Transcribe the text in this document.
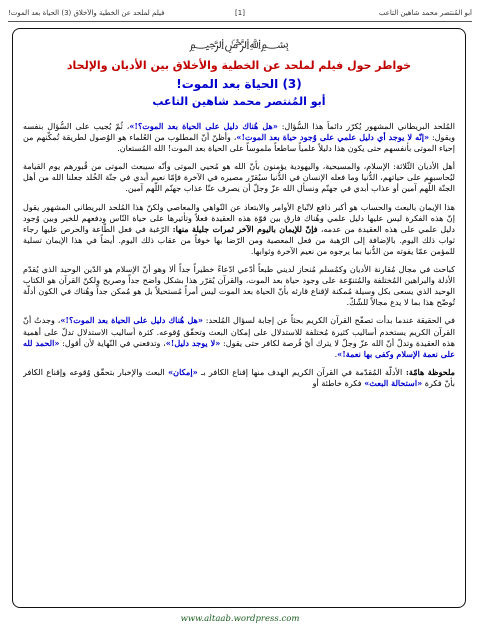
أبو المُنتصر محمد شاهين التاعب
[1]
فيلم لملحد عن الخطية والأخلاق (3) الحياة بعد الموت!
﷽
خواطر حول فيلم لملحد عن الخطية والأخلاق بين الأديان والإلحاد
(3) الحياة بعد الموت!
أبو المُنتصر محمد شاهين التاعب

المُلحد البريطاني المشهور يُكرّر دائماً هذا السُّؤال: «هل هُناك دليل على الحياة بعد الموت؟!»، ثُمّ يُجيب على السُّؤال بنفسه ويقول: «إنّه لا يوجد أي دليل علمي على وُجود حياة بعد الموت!»، وأظنّ أنّ المطلوب من العُلماء هو الوُصول لطريقة تُمكّنهم من إحياء الموتى بأنفسهم حتى يكون هذا دليلاً علمياً ساطعاً ملموساً على الحياة بعد الموت! الله المُستعان.

أهل الأديان الثّلاثة: الإسلام، والمسيحية، واليهودية يؤمنون بأنّ الله هو مُحيي الموتى وأنّه سيبعث الموتى من قُبورهم يوم القيامة ليُحاسبهم على حياتهم، الدُّنيا وما فعله الإنسان في الدُّنيا سيُقرّر مصيره في الآخرة فإمّا نعيم أبدي في جنّة الخُلد جعلنا الله من أهل الجنّة اللّهم آمين أو عذاب أبدي في جهنّم ونسأل الله عزّ وجلّ أن يصرف عنّا عذاب جهنّم اللّهم آمين.

هذا الإيمان بالبعث والحساب هو أكبر دافع لاتّباع الأوامر والابتعاد عن النّواهي والمعاصي ولكنّ هذا المُلحد البريطاني المشهور يقول إنّ هذه الفكرة ليس عليها دليل علمي وهُناك فارق بين قوّة هذه العقيدة فعلاً وتأثيرها على حياة النّاس ودفعهم للخير وبين وُجود دليل علمي على هذه العقيدة من عدمه، فإنّ للإيمان باليوم الآخر ثمرات جليلة منها: الرّغبة في فعل الطّاعة والحرص عليها رجاء ثواب ذلك اليوم. بالإضافة إلى الرّهبة من فعل المعصية ومن الرّضا بها خوفاً من عقاب ذلك اليوم. أيضاً في هذا الإيمان تسلية للمؤمن عمّا يفوته من الدُّنيا بما يرجوه من نعيم الآخرة وثوابها.

كباحث في مجال مُقارنة الأديان وكمُسلم مُنحاز لديني طبعاً أدّعي ادّعاءً خطيراً جداً ألا وهو أنّ الإسلام هو الدّين الوحيد الذي يُقدّم الأدلة والبراهين المُختلفة والمُتنوّعة على وجود حياة بعد الموت، والقرآن يُقرّر هذا بشكل واضح جداً وصريح ولكنّ القرآن هو الكتاب الوحيد الذي يسعى بكل وسيلة مُمكنة لإقناع قارئه بأنّ الحياة بعد الموت ليس أمراً مُستحيلاً بل هو مُمكن جداً وهُناك في الكون أدلّة تُوضّح هذا بما لا يدع مجالاً للشّكّ.

في الحقيقة عندما بدأت تصفّح القرآن الكريم بحثاً عن إجابة لسؤال المُلحد: «هل هُناك دليل على الحياة بعد الموت؟!»، وجدتُ أنّ القرآن الكريم يستخدم أساليب كثيرة مُختلفة للاستدلال على إمكان البعث وتحقّق وُقوعه. كثرة أساليب الاستدلال تدلّ على أهمية هذه العقيدة وتدلّ أنّ الله عزّ وجلّ لا يترك أيّ فُرصة لكافر حتى يقول: «لا يوجد دليل!»، وتدفعني في النّهاية لأن أقول: «الحمد لله على نعمة الإسلام وكفى بها نعمة!».

ملحوظة هامّة: الأدلّة المُقدّمة في القرآن الكريم الهدف منها إقناع الكافر بـ «إمكان» البعث والإخبار بتحقّق وُقوعه وإقناع الكافر بأنّ فكرة «استحالة البعث» فكرة خاطئة أو

www.altaab.wordpress.com
